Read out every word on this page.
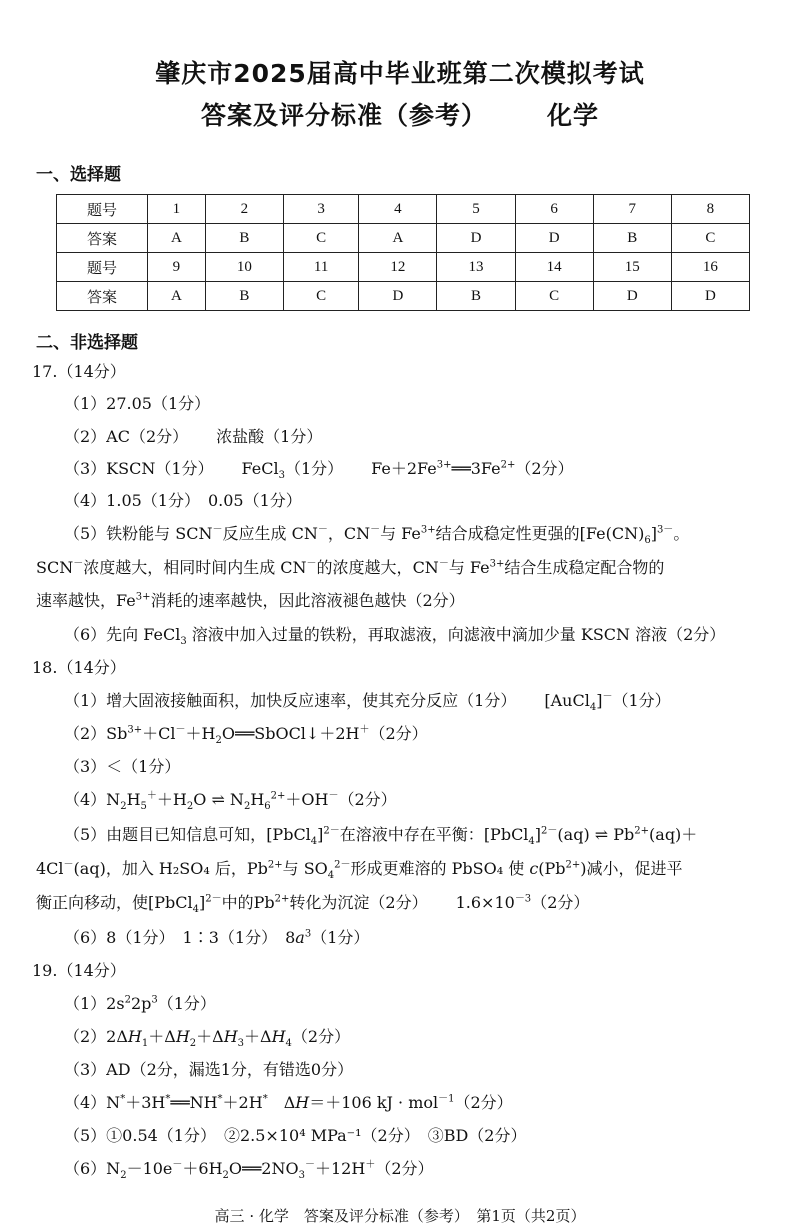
肇庆市2025届高中毕业班第二次模拟考试
答案及评分标准（参考） 化学
一、选择题
题号	1	2	3	4	5	6	7	8
答案	A	B	C	A	D	D	B	C
题号	9	10	11	12	13	14	15	16
答案	A	B	C	D	B	C	D	D
二、非选择题
17.（14分）
（1）27.05（1分）
（2）AC（2分） 浓盐酸（1分）
（3）KSCN（1分） FeCl$_3$（1分） $Fe+2Fe^{3+}══3Fe^{2+}(2$分）
（4）1.05（1分）　0.05（1分）
（5）铁粉能与 SCN－反应生成 CN－，CN－与 $Fe^{3+}$结合成稳定性更强的$[Fe(CN)_6]^{3-}$。
SCN－浓度越大，相同时间内生成 CN－的浓度越大，CN－与 $Fe^{3+}$结合生成稳定配合物的
速率越快，$Fe^{3+}$消耗的速率越快，因此溶液褪色越快（2分）
（6）先向 FeCl$_3$ 溶液中加入过量的铁粉，再取滤液，向滤液中滴加少量 KSCN 溶液（2分）
18.（14分）
（1）增大固液接触面积，加快反应速率，使其充分反应（1分） [AuCl$_4$]－（1分）
$(2)Sb^{3+}+Cl^-+H_2O══SbOCl↓+2H^+(2$分）
（3）＜（1分）
$(4)N_2H_5^++H_2O$ ⇌ $N_2H_6^{2+}+OH^-(2$分）
（5）由题目已知信息可知，[PbCl$_4$]$^{2-}$在溶液中存在平衡：[PbCl$_4$]$^{2-}$(aq) ⇌ $Pb^{2+}(aq)+$
4Cl－(aq)，加入 H₂SO₄ 后，$Pb^{2+}$与 $SO_4^{2-}$形成更难溶的 PbSO₄ 使 $c(Pb^{2+})$减小，促进平
衡正向移动，使[PbCl$_4$]$^{2-}$中的$Pb^{2+}$转化为沉淀（2分） $1.6\times 10^{-3}(2$分）
（6）8（1分）　1∶3（1分）　$8a^3(1$分）
19.（14分）
$(1)2s^22p^3(1$分）
$(2)2\Delta H_1+\Delta H_2+\Delta H_3+\Delta H_4(2$分）
（3）AD（2分，漏选1分，有错选0分）
（4）N*＋3H*══NH*＋2H*　ΔH＝＋106 kJ · mol$^{-1}$（2分）
（5）①0.54（1分）　②2.5×10⁴ MPa⁻¹（2分）　③BD（2分）
$(6)N_2-10e^-+6H_2O══2NO_3^-+12H^+(2$分）
高三 · 化学　答案及评分标准（参考）　第1页（共2页）
